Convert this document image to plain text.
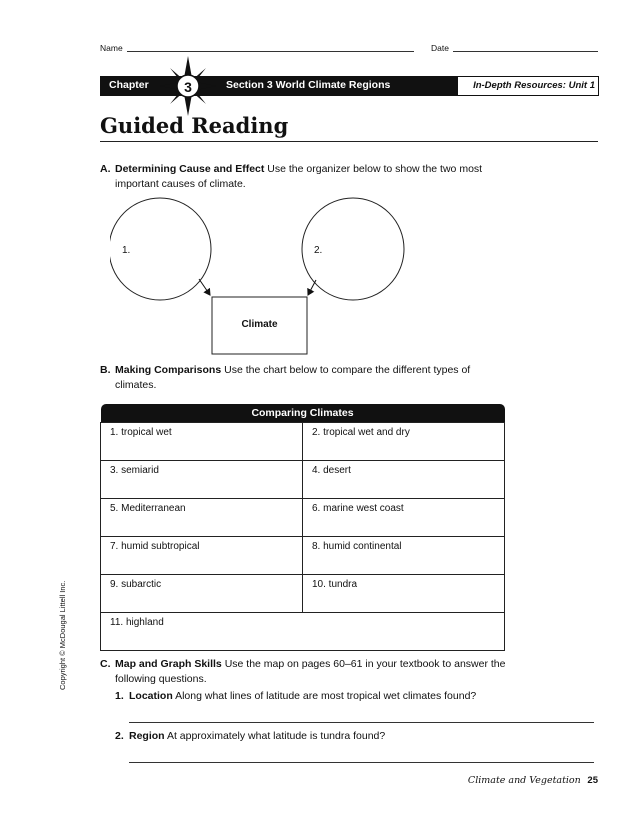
Name	Date
Chapter	Section 3 World Climate Regions	In-Depth Resources: Unit 1
3
Guided Reading
A. Determining Cause and Effect Use the organizer below to show the two most
important causes of climate.
1.	2.
Climate
B. Making Comparisons Use the chart below to compare the different types of
climates.
Comparing Climates	
1. tropical wet	2. tropical wet and dry
3. semiarid	4. desert
5. Mediterranean	6. marine west coast
7. humid subtropical	8. humid continental
9. subarctic	10. tundra
11. highland	
C. Map and Graph Skills Use the map on pages 60–61 in your textbook to answer the
following questions.
1. Location Along what lines of latitude are most tropical wet climates found?
2. Region At approximately what latitude is tundra found?
Climate and Vegetation 25
Copyright © McDougal Littell Inc.
